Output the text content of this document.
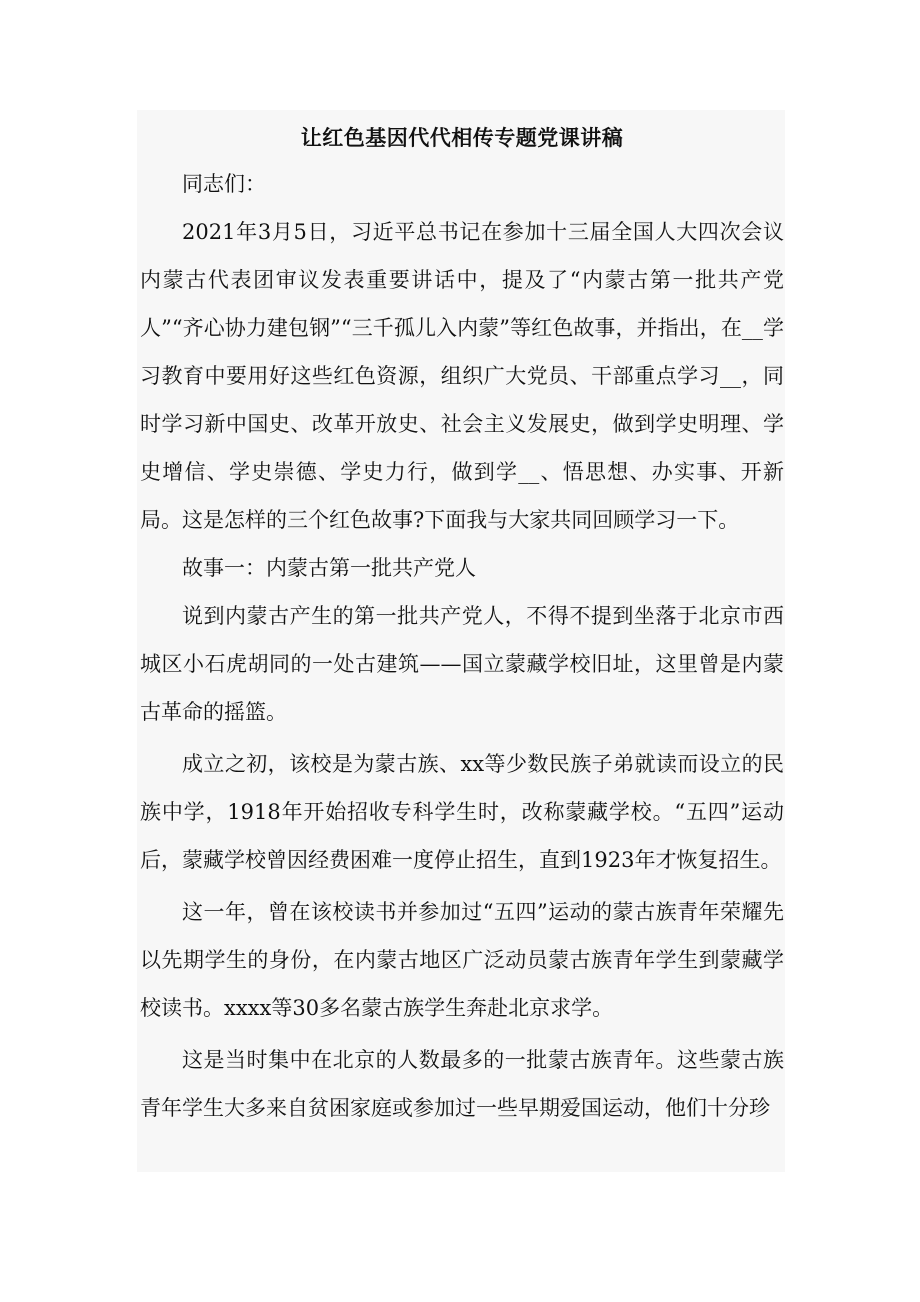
让红色基因代代相传专题党课讲稿

同志们：

2021年3月5日，习近平总书记在参加十三届全国人大四次会议内蒙古代表团审议发表重要讲话中，提及了“内蒙古第一批共产党人”“齐心协力建包钢”“三千孤儿入内蒙”等红色故事，并指出，在__学习教育中要用好这些红色资源，组织广大党员、干部重点学习__，同时学习新中国史、改革开放史、社会主义发展史，做到学史明理、学史增信、学史崇德、学史力行，做到学__、悟思想、办实事、开新局。这是怎样的三个红色故事?下面我与大家共同回顾学习一下。

故事一：内蒙古第一批共产党人

说到内蒙古产生的第一批共产党人，不得不提到坐落于北京市西城区小石虎胡同的一处古建筑——国立蒙藏学校旧址，这里曾是内蒙古革命的摇篮。

成立之初，该校是为蒙古族、xx等少数民族子弟就读而设立的民族中学，1918年开始招收专科学生时，改称蒙藏学校。“五四”运动后，蒙藏学校曾因经费困难一度停止招生，直到1923年才恢复招生。

这一年，曾在该校读书并参加过“五四”运动的蒙古族青年荣耀先以先期学生的身份，在内蒙古地区广泛动员蒙古族青年学生到蒙藏学校读书。xxxx等30多名蒙古族学生奔赴北京求学。

这是当时集中在北京的人数最多的一批蒙古族青年。这些蒙古族青年学生大多来自贫困家庭或参加过一些早期爱国运动，他们十分珍
